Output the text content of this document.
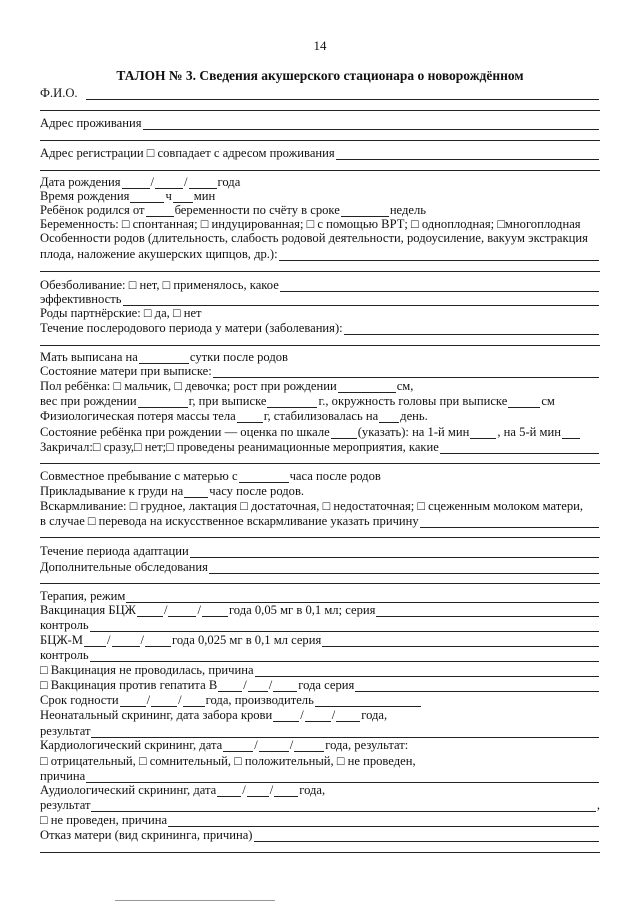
14
ТАЛОН № 3. Сведения акушерского стационара о новорождённом
Ф.И.О.
Адрес проживания
Адрес регистрации □ совпадает с адресом проживания
Дата рождения / / года
Время рождения	ч мин
Ребёнок родился от беременности по счёту в сроке	недель
Беременность: □ спонтанная; □ индуцированная; □ с помощью ВРТ; □ одноплодная; □многоплодная
Особенности родов (длительность, слабость родовой деятельности, родоусиление, вакуум экстракция
плода, наложение акушерских щипцов, др.):
Обезболивание: □ нет, □ применялось, какое
эффективность
Роды партнёрские: □ да, □ нет
Течение послеродового периода у матери (заболевания):
Мать выписана на	сутки после родов
Состояние матери при выписке:
Пол ребёнка: □ мальчик, □ девочка; рост при рождении	см,
вес при рождении	г, при выписке	г., окружность головы при выписке	см
Физиологическая потеря массы тела г, стабилизовалась на день.
Состояние ребёнка при рождении — оценка по шкале (указать): на 1-й мин , на 5-й мин
Закричал:□ сразу,□ нет;□ проведены реанимационные мероприятия, какие
Совместное пребывание с матерью с	часа после родов
Прикладывание к груди на часу после родов.
Вскармливание: □ грудное, лактация □ достаточная, □ недостаточная; □ сцеженным молоком матери,
в случае □ перевода на искусственное вскармливание указать причину
Течение периода адаптации
Дополнительные обследования
Терапия, режим
Вакцинация БЦЖ / / года 0,05 мг в 0,1 мл; серия
контроль
БЦЖ-М / / года 0,025 мг в 0,1 мл серия
контроль
□ Вакцинация не проводилась, причина
□ Вакцинация против гепатита В / / года серия
Срок годности / / года, производитель
Неонатальный скрининг, дата забора крови / / года,
результат
Кардиологический скрининг, дата	/	/	года, результат:
□ отрицательный, □ сомнительный, □ положительный, □ не проведен,
причина
Аудиологический скрининг, дата / / года,
результат	,
□ не проведен, причина
Отказ матери (вид скрининга, причина)
